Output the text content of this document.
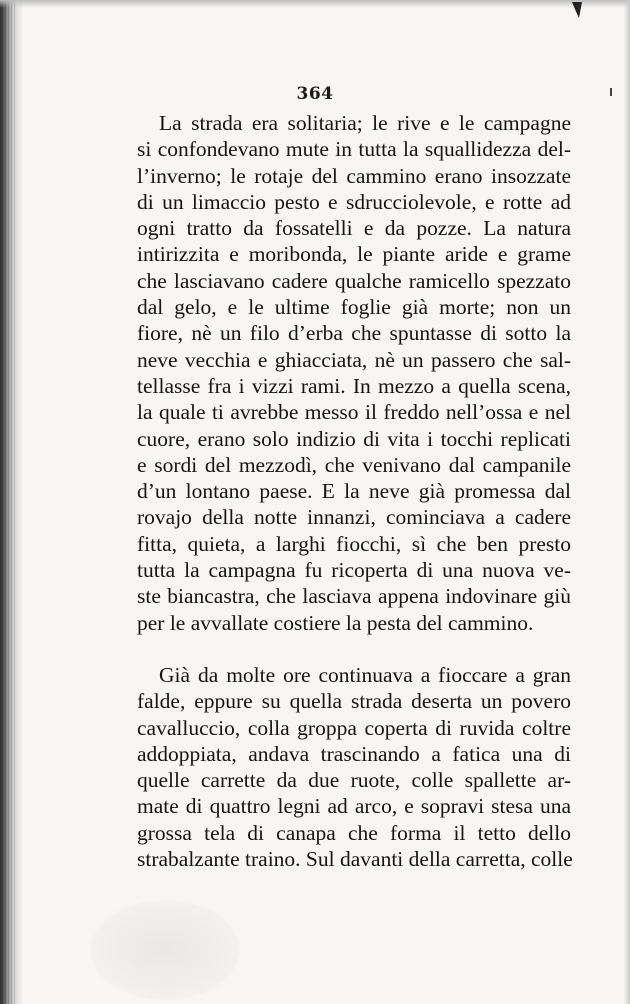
364
La strada era solitaria; le rive e le campagne
si confondevano mute in tutta la squallidezza del-
l’inverno; le rotaje del cammino erano insozzate
di un limaccio pesto e sdrucciolevole, e rotte ad
ogni tratto da fossatelli e da pozze. La natura
intirizzita e moribonda, le piante aride e grame
che lasciavano cadere qualche ramicello spezzato
dal gelo, e le ultime foglie già morte; non un
fiore, nè un filo d’erba che spuntasse di sotto la
neve vecchia e ghiacciata, nè un passero che sal-
tellasse fra i vizzi rami. In mezzo a quella scena,
la quale ti avrebbe messo il freddo nell’ossa e nel
cuore, erano solo indizio di vita i tocchi replicati
e sordi del mezzodì, che venivano dal campanile
d’un lontano paese. E la neve già promessa dal
rovajo della notte innanzi, cominciava a cadere
fitta, quieta, a larghi fiocchi, sì che ben presto
tutta la campagna fu ricoperta di una nuova ve-
ste biancastra, che lasciava appena indovinare giù
per le avvallate costiere la pesta del cammino.
Già da molte ore continuava a fioccare a gran
falde, eppure su quella strada deserta un povero
cavalluccio, colla groppa coperta di ruvida coltre
addoppiata, andava trascinando a fatica una di
quelle carrette da due ruote, colle spallette ar-
mate di quattro legni ad arco, e sopravi stesa una
grossa tela di canapa che forma il tetto dello
strabalzante traino. Sul davanti della carretta, colle
